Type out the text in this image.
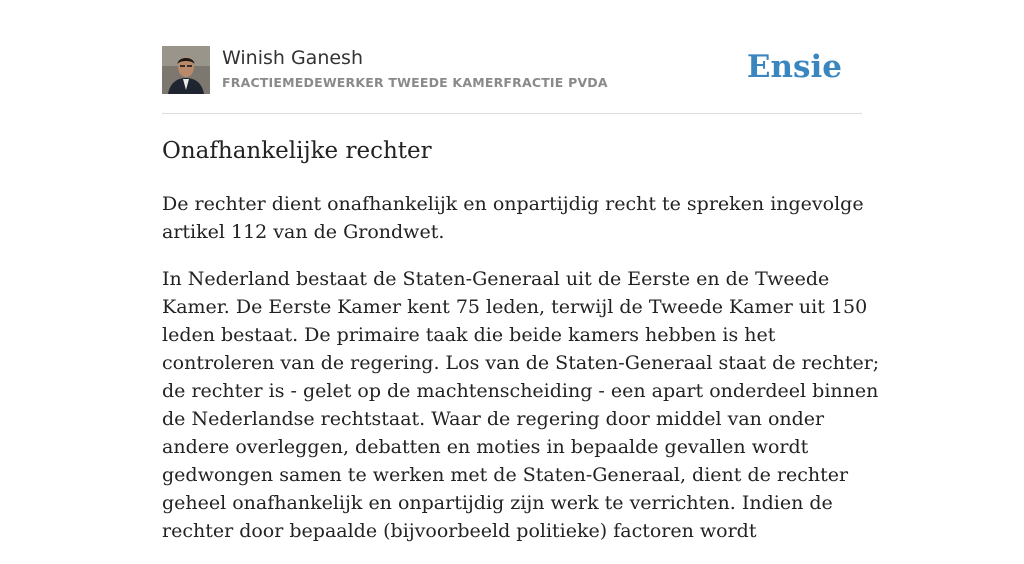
Winish Ganesh
FRACTIEMEDEWERKER TWEEDE KAMERFRACTIE PVDA	Ensie
Onafhankelijke rechter

De rechter dient onafhankelijk en onpartijdig recht te spreken ingevolge artikel 112 van de Grondwet.

In Nederland bestaat de Staten-Generaal uit de Eerste en de Tweede Kamer. De Eerste Kamer kent 75 leden, terwijl de Tweede Kamer uit 150 leden bestaat. De primaire taak die beide kamers hebben is het controleren van de regering. Los van de Staten-Generaal staat de rechter; de rechter is - gelet op de machtenscheiding - een apart onderdeel binnen de Nederlandse rechtstaat. Waar de regering door middel van onder andere overleggen, debatten en moties in bepaalde gevallen wordt gedwongen samen te werken met de Staten-Generaal, dient de rechter geheel onafhankelijk en onpartijdig zijn werk te verrichten. Indien de rechter door bepaalde (bijvoorbeeld politieke) factoren wordt
